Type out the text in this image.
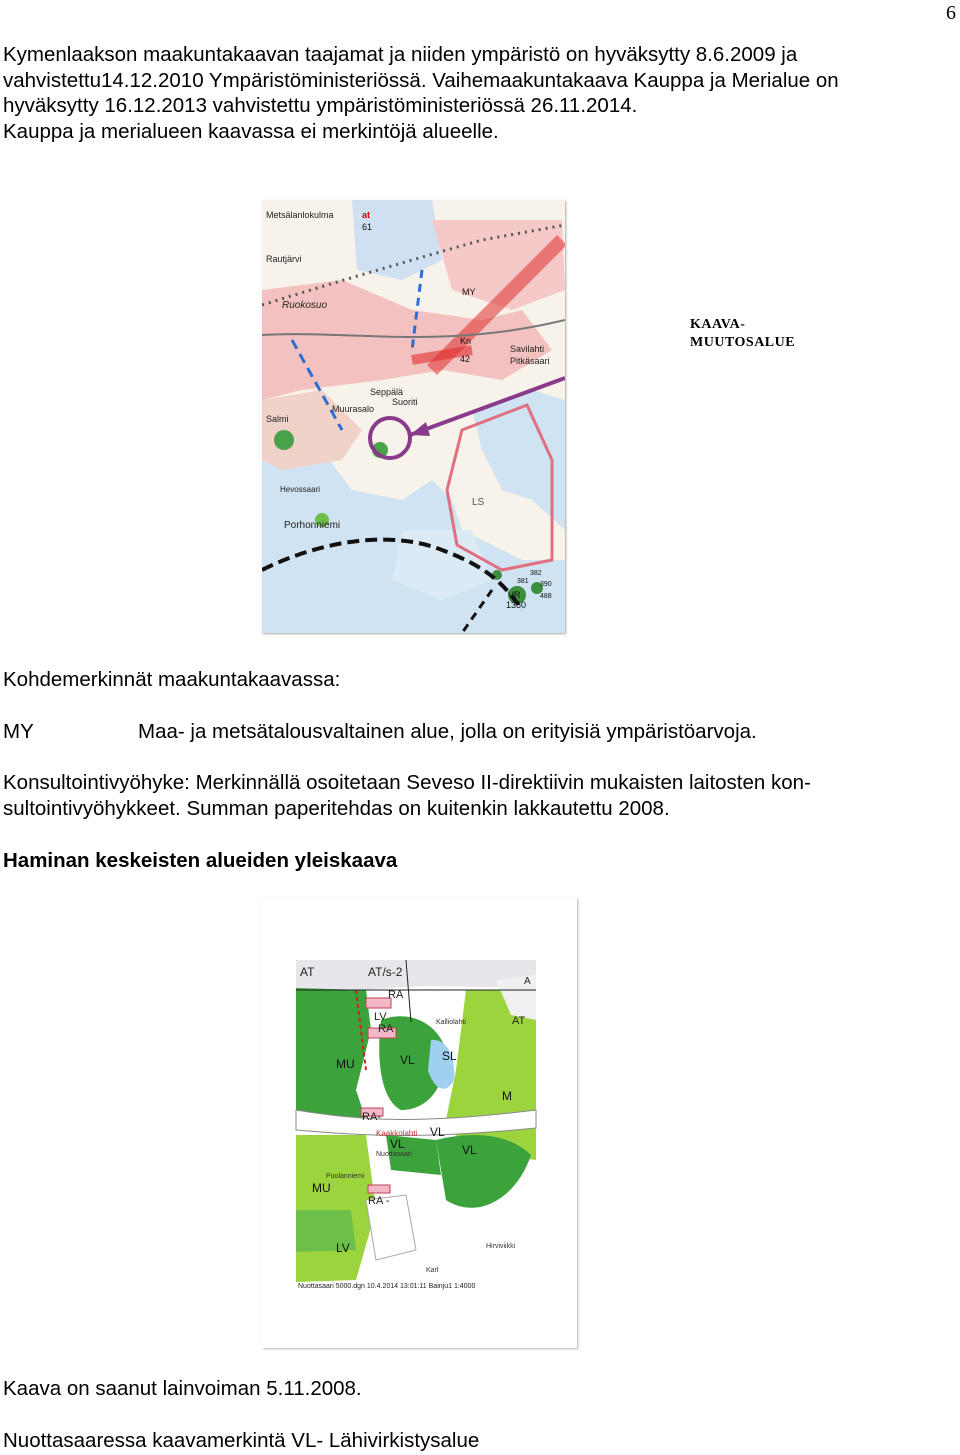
6
Kymenlaakson maakuntakaavan taajamat ja niiden ympäristö on hyväksytty 8.6.2009 ja
vahvistettu14.12.2010 Ympäristöministeriössä. Vaihemaakuntakaava Kauppa ja Merialue on
hyväksytty 16.12.2013 vahvistettu ympäristöministeriössä 26.11.2014.
Kauppa ja merialueen kaavassa ei merkintöjä alueelle.
Metsälanlokulma
Rautjärvi
Ruokosuo
Salmi
Muurasalo
Seppälä
Suoriti
Savilahti
Pitkäsaari
Porhonniemi
Hevossaari
LS
at
61
Kn
42
VR
1350
382
381 390
488
MY
KAAVA-
MUUTOSALUE
Kohdemerkinnät maakuntakaavassa:
MY	Maa- ja metsätalousvaltainen alue, jolla on erityisiä ympäristöarvoja.
Konsultointivyöhyke: Merkinnällä osoitetaan Seveso II-direktiivin mukaisten laitosten kon-
sultointivyöhykkeet. Summan paperitehdas on kuitenkin lakkautettu 2008.
Haminan keskeisten alueiden yleiskaava
AT	AT/s-2
RA
LV
RA
MU	VL SL
M
RA-
VL
VL
VL
MU
RA -
LV
AT
A
Kaakkolahti
Nuottasaari
Puolanniemi
Hirviviikki
Karl
Kalliolahti
Nuottasaari 5000.dgn 10.4.2014 13:01:11 Bainju1 1:4000
Kaava on saanut lainvoiman 5.11.2008.
Nuottasaaressa kaavamerkintä VL- Lähivirkistysalue
